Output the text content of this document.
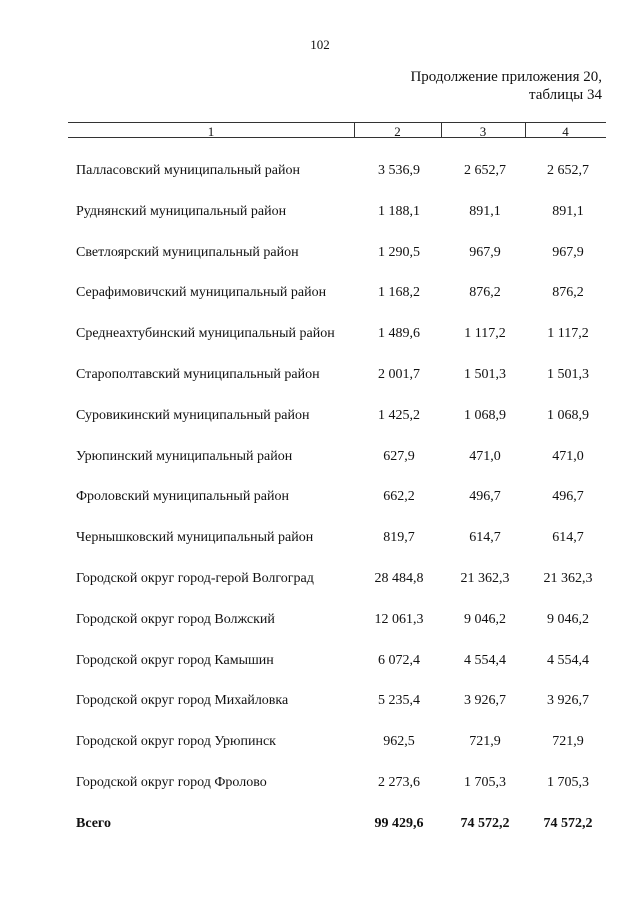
102
Продолжение приложения 20,
таблицы 34
1	2	3	4
Палласовский муниципальный район	3 536,9	2 652,7	2 652,7
Руднянский муниципальный район	1 188,1	891,1	891,1
Светлоярский муниципальный район	1 290,5	967,9	967,9
Серафимовичский муниципальный район	1 168,2	876,2	876,2
Среднеахтубинский муниципальный район	1 489,6	1 117,2	1 117,2
Старополтавский муниципальный район	2 001,7	1 501,3	1 501,3
Суровикинский муниципальный район	1 425,2	1 068,9	1 068,9
Урюпинский муниципальный район	627,9	471,0	471,0
Фроловский муниципальный район	662,2	496,7	496,7
Чернышковский муниципальный район	819,7	614,7	614,7
Городской округ город-герой Волгоград	28 484,8	21 362,3	21 362,3
Городской округ город Волжский	12 061,3	9 046,2	9 046,2
Городской округ город Камышин	6 072,4	4 554,4	4 554,4
Городской округ город Михайловка	5 235,4	3 926,7	3 926,7
Городской округ город Урюпинск	962,5	721,9	721,9
Городской округ город Фролово	2 273,6	1 705,3	1 705,3
Всего	99 429,6	74 572,2	74 572,2
